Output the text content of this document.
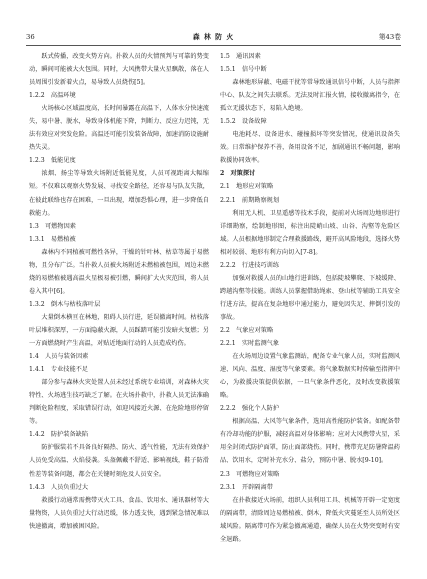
36	森 林 防 火	第43卷

跃式传播，改变火势方向。扑救人员的火情预判与可靠的势变动，瞬间可能被大火包围。同时，大风携带大量火星飘散，落在人员周围引发新着火点，易导致人员烧伤[5]。

1.2.2　高温环境

火场核心区域温度高，长时间暴露在高温下，人体水分快速流失，易中暑、脱水，导致身体机能下降，判断力、反应力迟钝，无法有效应对突发危险。高温还可能引发装备故障，加速消防设施耐热失灵。

1.2.3　低能见度

浓烟、扬尘等导致火场附近低能见度，人员可视距离大幅缩短。不仅难以观察火势发展、寻找安全路径，还容易与队友失散，在彼此联络也存在困难，一旦出现，增加恐惧心理，进一步降低自救能力。

1.3　可燃物因素

1.3.1　易燃植被

森林内不同植被可燃性各异，干燥的针叶林、枯草等属于易燃物，且分布广泛。当扑救人员被火场附近未燃植被包围，周边未燃烧的易燃植被遇高温火星极易被引燃，瞬间扩大火灾范围，将人员卷入其中[6]。

1.3.2　倒木与枯枝落叶层

大量倒木横亘在林地，阻碍人员行进，延误撤离时间。枯枝落叶层堆积深厚，一方面隐蔽火源，人员踩踏可能引发暗火复燃；另一方面燃烧时产生高温，对贴近地面行动的人员造成灼伤。

1.4　人员与装备因素

1.4.1　专业技能不足

部分参与森林火灾处置人员未经过系统专业培训，对森林火灾特性、火场逃生技巧缺乏了解。在火场扑救中，扑救人员无法准确判断危险程度，采取错误行动，如迎风接近火源、在危险地形停留等。

1.4.2　防护装备缺陷

防护服装若不具备良好隔热、防火、透气性能，无法有效保护人员免受高温、火焰侵袭。头盔佩戴不舒适、影响视线，鞋子防滑性差等装备问题，都会在关键时刻危及人员安全。

1.4.3　人员负重过大

救援行动通常需携带灭火工具、食品、饮用水、通讯器材等大量物资，人员负重过大行动迟缓，体力透支快，遇到紧急情况难以快速撤离，增加被困风险。

1.5　通讯因素

1.5.1　信号中断

森林地形屏蔽、电磁干扰等常导致通讯信号中断，人员与指挥中心、队友之间失去联系。无法及时汇报火情，接收撤离指令，在孤立无援状态下，易陷入绝境。

1.5.2　设备故障

电池耗尽、设备进水、碰撞损坏等突发情况，使通讯设备失效。日常维护保养不善，备用设备不足，加剧通讯不畅问题，影响救援协同效率。

2　对策探讨

2.1　地形应对策略

2.2.1　前期勘察规划

利用无人机、卫星遥感等技术手段，提前对火场周边地形进行详细勘察，绘制地形图，标注出陡峭山坡、山谷、沟壑等危险区域。人员根据地形制定合理救援路线，避开高风险地段，选择火势相对较弱、地形有利方向切入[7-8]。

2.2.2　行进技巧训练

加强对救援人员的山地行进训练，包括陡坡攀爬、下坡缓降、跨越沟壑等技能。训练人员掌握借助绳索、登山杖等辅助工具安全行进方法，提高在复杂地形中通过能力，避免因失足、摔倒引发的事故。

2.2　气象应对策略

2.2.1　实时监测气象

在火场周边设置气象监测站，配备专业气象人员，实时监测风速、风向、温度、湿度等气象要素。将气象数据实时传输至指挥中心，为救援决策提供依据，一旦气象条件恶化，及时改变救援策略。

2.2.2　强化个人防护

根据高温、大风等气象条件，选用高性能防护装备。如配备带有冷却功能的护服，减轻高温对身体影响；应对大风携带火星，采用全封闭式防护面罩，防止面部烧伤。同时，携带充足防暑降温药品、饮用水，定时补充水分、盐分，预防中暑、脱水[9-10]。

2.3　可燃物应对策略

2.3.1　开辟隔离带

在扑救接近火场前，组织人员利用工具、机械等开辟一定宽度的隔离带，清除周边易燃植被、倒木，降低火灾蔓延至人员所处区域风险。隔离带可作为紧急撤离通道，确保人员在火势突变时有安全退路。
